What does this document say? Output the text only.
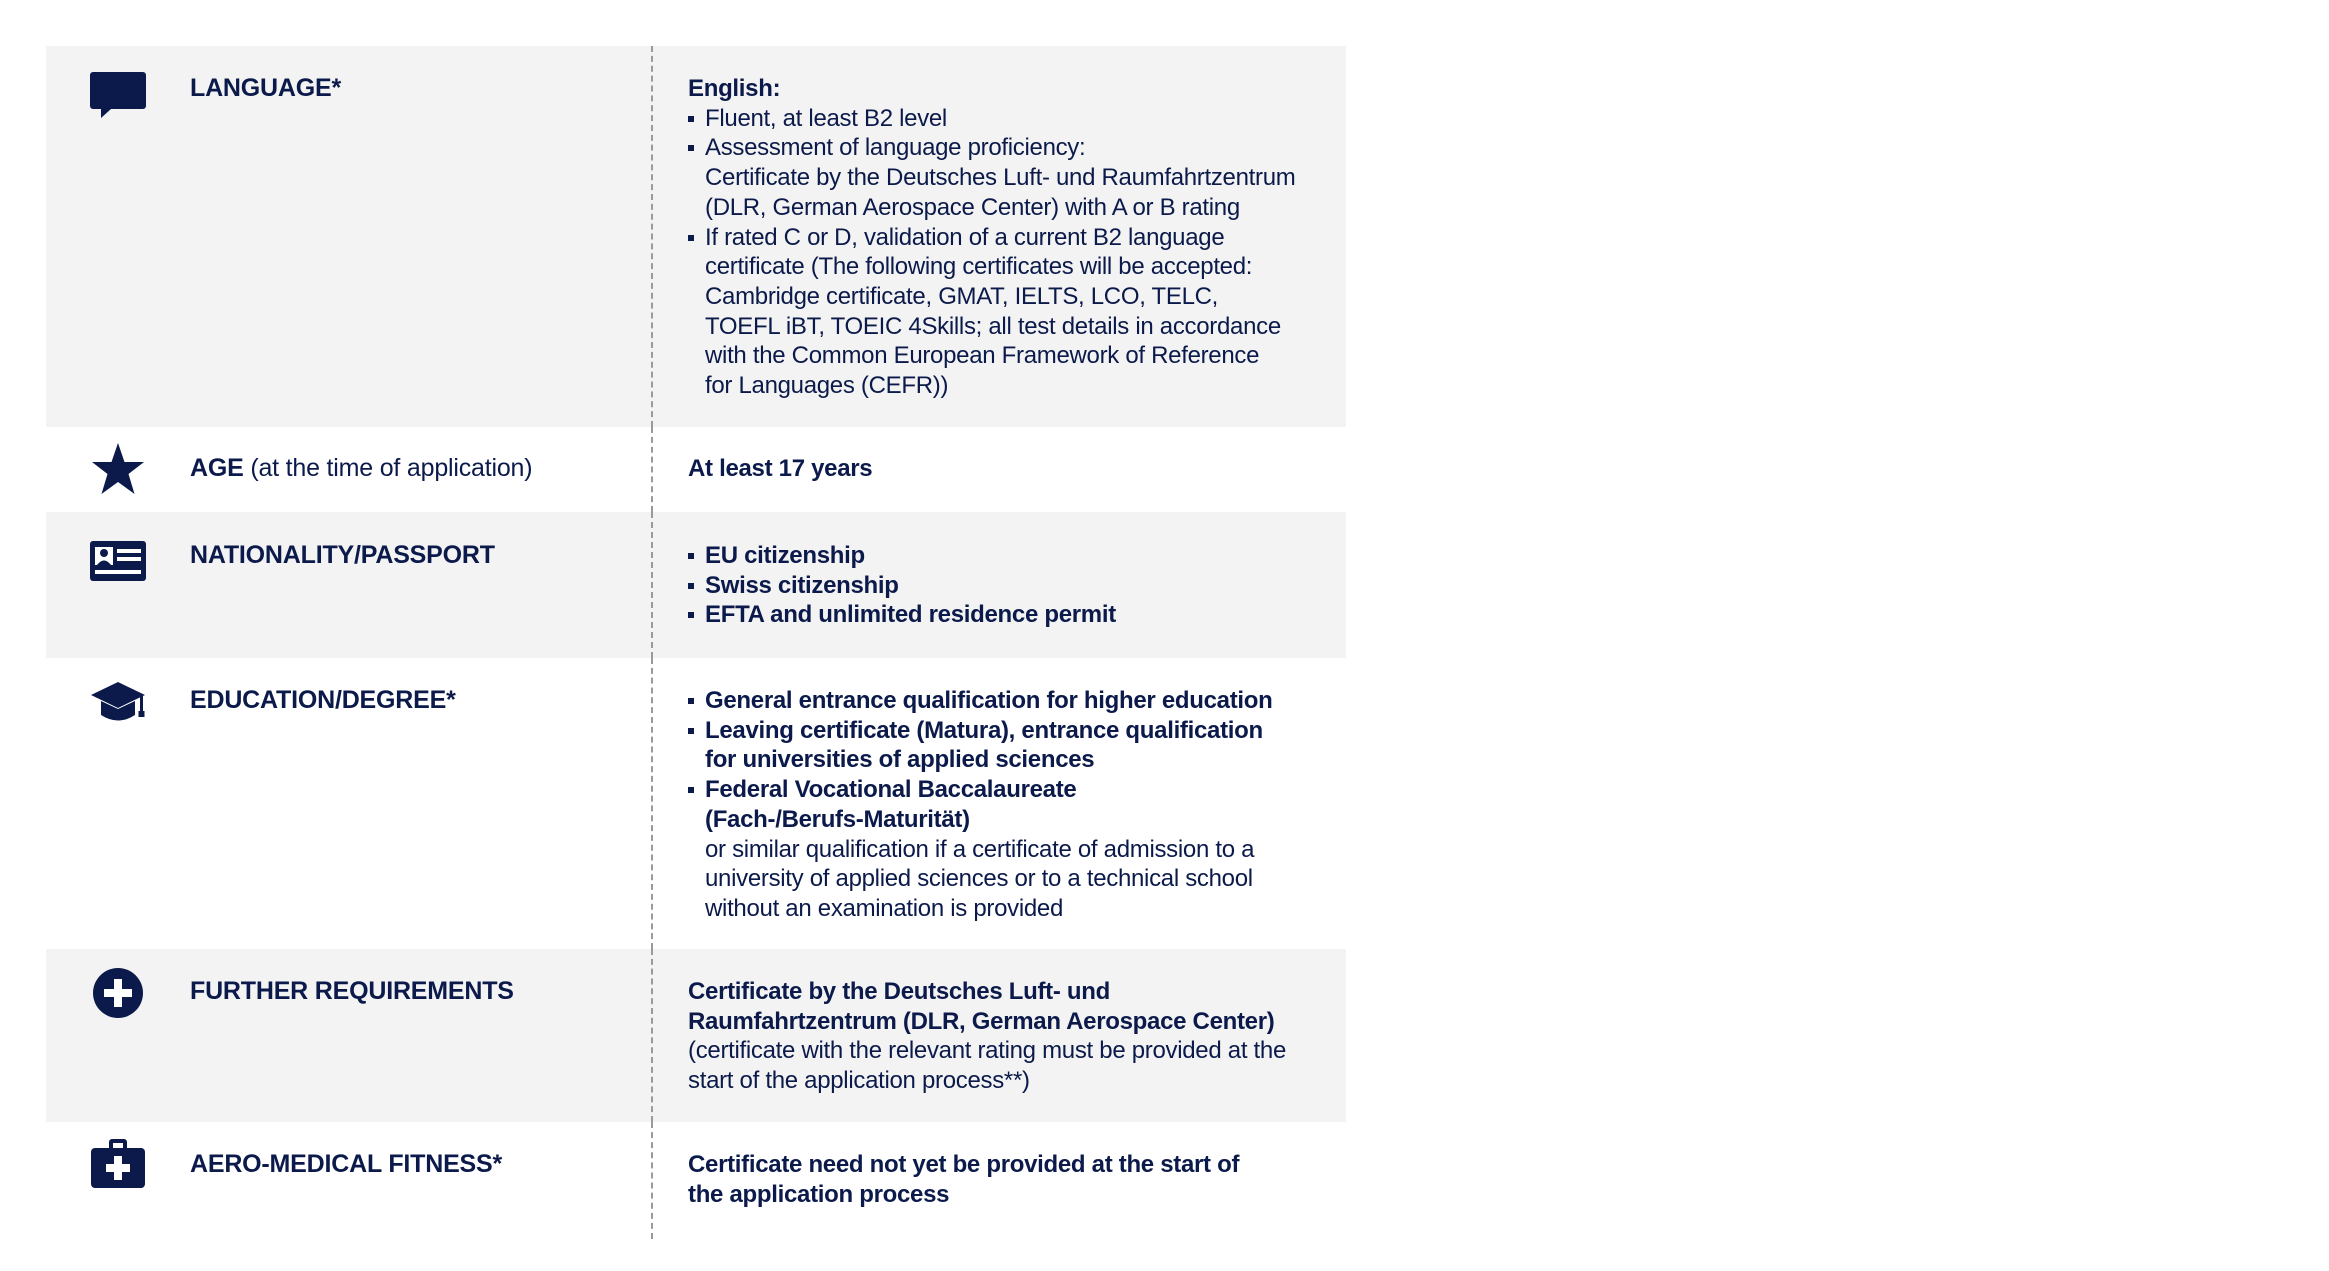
LANGUAGE*	English:
Fluent, at least B2 level
Assessment of language proficiency:
Certificate by the Deutsches Luft- und Raumfahrtzentrum
(DLR, German Aerospace Center) with A or B rating
If rated C or D, validation of a current B2 language
certificate (The following certificates will be accepted:
Cambridge certificate, GMAT, IELTS, LCO, TELC,
TOEFL iBT, TOEIC 4Skills; all test details in accordance
with the Common European Framework of Reference
for Languages (CEFR))
AGE (at the time of application)	At least 17 years
NATIONALITY/PASSPORT	EU citizenship
Swiss citizenship
EFTA and unlimited residence permit
EDUCATION/DEGREE*	General entrance qualification for higher education
Leaving certificate (Matura), entrance qualification
for universities of applied sciences
Federal Vocational Baccalaureate
(Fach-/Berufs-Maturität)
or similar qualification if a certificate of admission to a
university of applied sciences or to a technical school
without an examination is provided
FURTHER REQUIREMENTS	Certificate by the Deutsches Luft- und
Raumfahrtzentrum (DLR, German Aerospace Center)
(certificate with the relevant rating must be provided at the
start of the application process**)
AERO-MEDICAL FITNESS*	Certificate need not yet be provided at the start of
the application process
